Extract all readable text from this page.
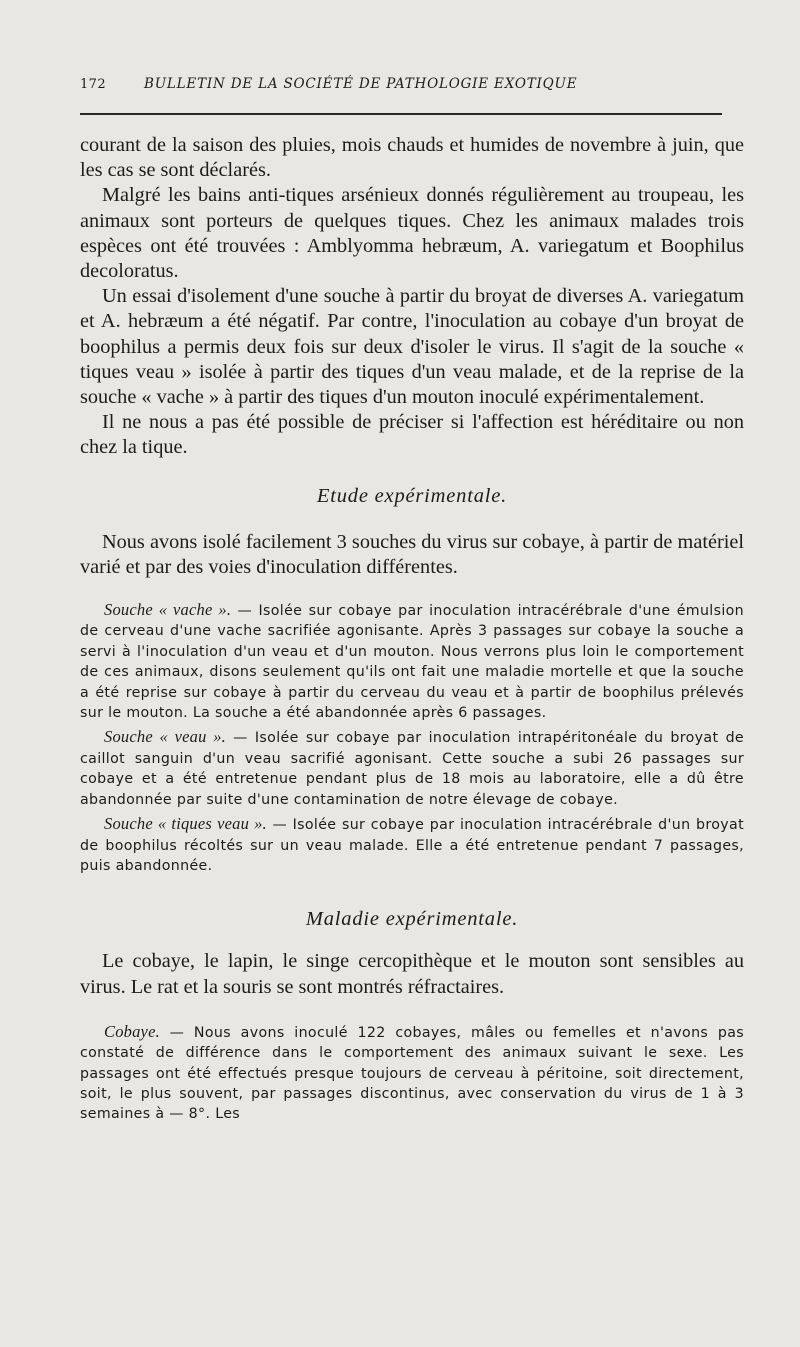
172	BULLETIN DE LA SOCIÉTÉ DE PATHOLOGIE EXOTIQUE

courant de la saison des pluies, mois chauds et humides de novembre à juin, que les cas se sont déclarés.

Malgré les bains anti-tiques arsénieux donnés régulièrement au troupeau, les animaux sont porteurs de quelques tiques. Chez les animaux malades trois espèces ont été trouvées : Amblyomma hebræum, A. variegatum et Boophilus decoloratus.

Un essai d'isolement d'une souche à partir du broyat de diverses A. variegatum et A. hebræum a été négatif. Par contre, l'inoculation au cobaye d'un broyat de boophilus a permis deux fois sur deux d'isoler le virus. Il s'agit de la souche « tiques veau » isolée à partir des tiques d'un veau malade, et de la reprise de la souche « vache » à partir des tiques d'un mouton inoculé expérimentalement.

Il ne nous a pas été possible de préciser si l'affection est héréditaire ou non chez la tique.

Etude expérimentale.

Nous avons isolé facilement 3 souches du virus sur cobaye, à partir de matériel varié et par des voies d'inoculation différentes.

Souche « vache ». — Isolée sur cobaye par inoculation intracérébrale d'une émulsion de cerveau d'une vache sacrifiée agonisante. Après 3 passages sur cobaye la souche a servi à l'inoculation d'un veau et d'un mouton. Nous verrons plus loin le comportement de ces animaux, disons seulement qu'ils ont fait une maladie mortelle et que la souche a été reprise sur cobaye à partir du cerveau du veau et à partir de boophilus prélevés sur le mouton. La souche a été abandonnée après 6 passages.

Souche « veau ». — Isolée sur cobaye par inoculation intrapéritonéale du broyat de caillot sanguin d'un veau sacrifié agonisant. Cette souche a subi 26 passages sur cobaye et a été entretenue pendant plus de 18 mois au laboratoire, elle a dû être abandonnée par suite d'une contamination de notre élevage de cobaye.

Souche « tiques veau ». — Isolée sur cobaye par inoculation intracérébrale d'un broyat de boophilus récoltés sur un veau malade. Elle a été entretenue pendant 7 passages, puis abandonnée.

Maladie expérimentale.

Le cobaye, le lapin, le singe cercopithèque et le mouton sont sensibles au virus. Le rat et la souris se sont montrés réfractaires.

Cobaye. — Nous avons inoculé 122 cobayes, mâles ou femelles et n'avons pas constaté de différence dans le comportement des animaux suivant le sexe. Les passages ont été effectués presque toujours de cerveau à péritoine, soit directement, soit, le plus souvent, par passages discontinus, avec conservation du virus de 1 à 3 semaines à — 8°. Les
